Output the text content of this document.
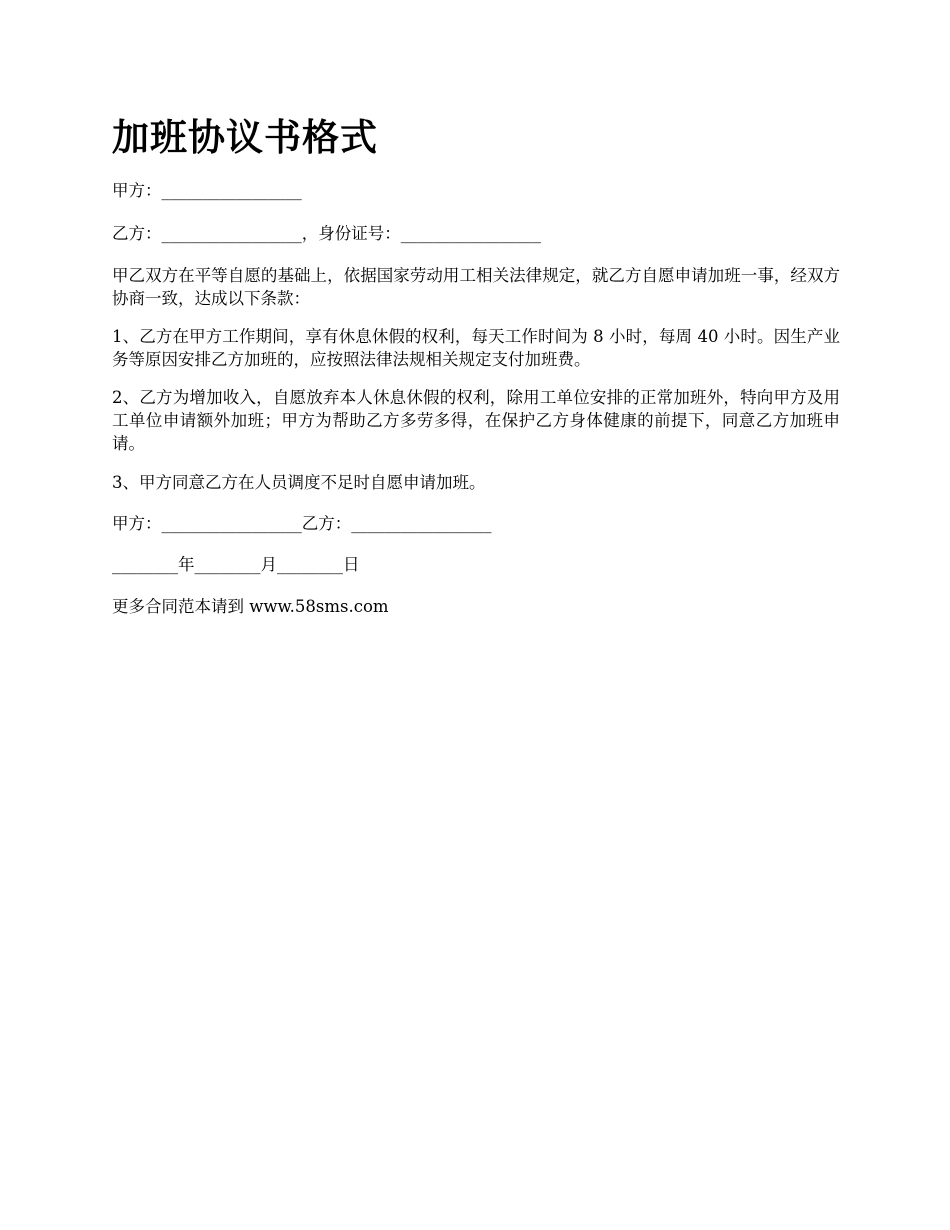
加班协议书格式
甲方：_________________
乙方：_________________，身份证号：_________________
甲乙双方在平等自愿的基础上，依据国家劳动用工相关法律规定，就乙方自愿申请加班一事，经双方协商一致，达成以下条款：
1、乙方在甲方工作期间，享有休息休假的权利，每天工作时间为 8 小时，每周 40 小时。因生产业务等原因安排乙方加班的，应按照法律法规相关规定支付加班费。
2、乙方为增加收入，自愿放弃本人休息休假的权利，除用工单位安排的正常加班外，特向甲方及用工单位申请额外加班；甲方为帮助乙方多劳多得，在保护乙方身体健康的前提下，同意乙方加班申请。
3、甲方同意乙方在人员调度不足时自愿申请加班。
甲方：_________________乙方：_________________
________年________月________日
更多合同范本请到 www.58sms.com
